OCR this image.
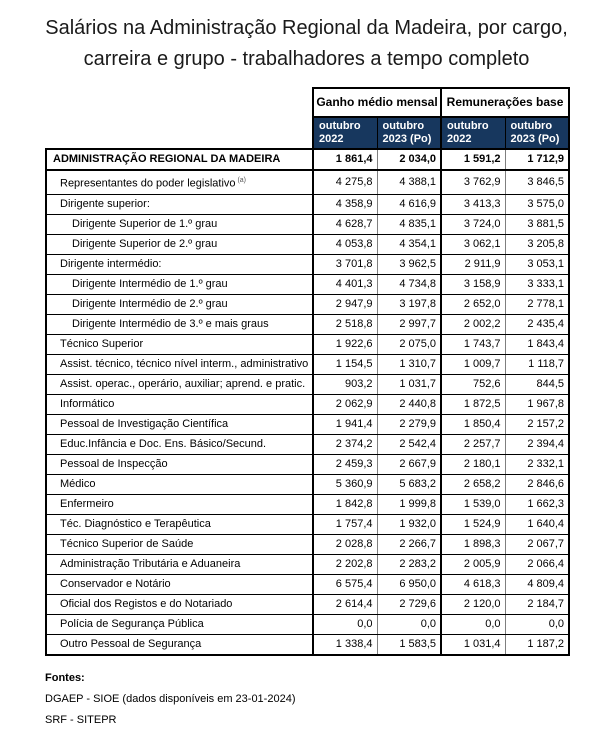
Salários na Administração Regional da Madeira, por cargo, carreira e grupo - trabalhadores a tempo completo
	Ganho médio mensal		Remunerações base	
	outubro 2022	outubro 2023 (Po)	outubro 2022	outubro 2023 (Po)
ADMINISTRAÇÃO REGIONAL DA MADEIRA	1 861,4	2 034,0	1 591,2	1 712,9
Representantes do poder legislativo $^{(a)}$	4 275,8	4 388,1	3 762,9	3 846,5
Dirigente superior:	4 358,9	4 616,9	3 413,3	3 575,0
Dirigente Superior de 1.º grau	4 628,7	4 835,1	3 724,0	3 881,5
Dirigente Superior de 2.º grau	4 053,8	4 354,1	3 062,1	3 205,8
Dirigente intermédio:	3 701,8	3 962,5	2 911,9	3 053,1
Dirigente Intermédio de 1.º grau	4 401,3	4 734,8	3 158,9	3 333,1
Dirigente Intermédio de 2.º grau	2 947,9	3 197,8	2 652,0	2 778,1
Dirigente Intermédio de 3.º e mais graus	2 518,8	2 997,7	2 002,2	2 435,4
Técnico Superior	1 922,6	2 075,0	1 743,7	1 843,4
Assist. técnico, técnico nível interm., administrativo	1 154,5	1 310,7	1 009,7	1 118,7
Assist. operac., operário, auxiliar; aprend. e pratic.	903,2	1 031,7	752,6	844,5
Informático	2 062,9	2 440,8	1 872,5	1 967,8
Pessoal de Investigação Científica	1 941,4	2 279,9	1 850,4	2 157,2
Educ.Infância e Doc. Ens. Básico/Secund.	2 374,2	2 542,4	2 257,7	2 394,4
Pessoal de Inspecção	2 459,3	2 667,9	2 180,1	2 332,1
Médico	5 360,9	5 683,2	2 658,2	2 846,6
Enfermeiro	1 842,8	1 999,8	1 539,0	1 662,3
Téc. Diagnóstico e Terapêutica	1 757,4	1 932,0	1 524,9	1 640,4
Técnico Superior de Saúde	2 028,8	2 266,7	1 898,3	2 067,7
Administração Tributária e Aduaneira	2 202,8	2 283,2	2 005,9	2 066,4
Conservador e Notário	6 575,4	6 950,0	4 618,3	4 809,4
Oficial dos Registos e do Notariado	2 614,4	2 729,6	2 120,0	2 184,7
Polícia de Segurança Pública	0,0	0,0	0,0	0,0
Outro Pessoal de Segurança	1 338,4	1 583,5	1 031,4	1 187,2
Fontes:
DGAEP - SIOE (dados disponíveis em 23-01-2024)
SRF - SITEPR
